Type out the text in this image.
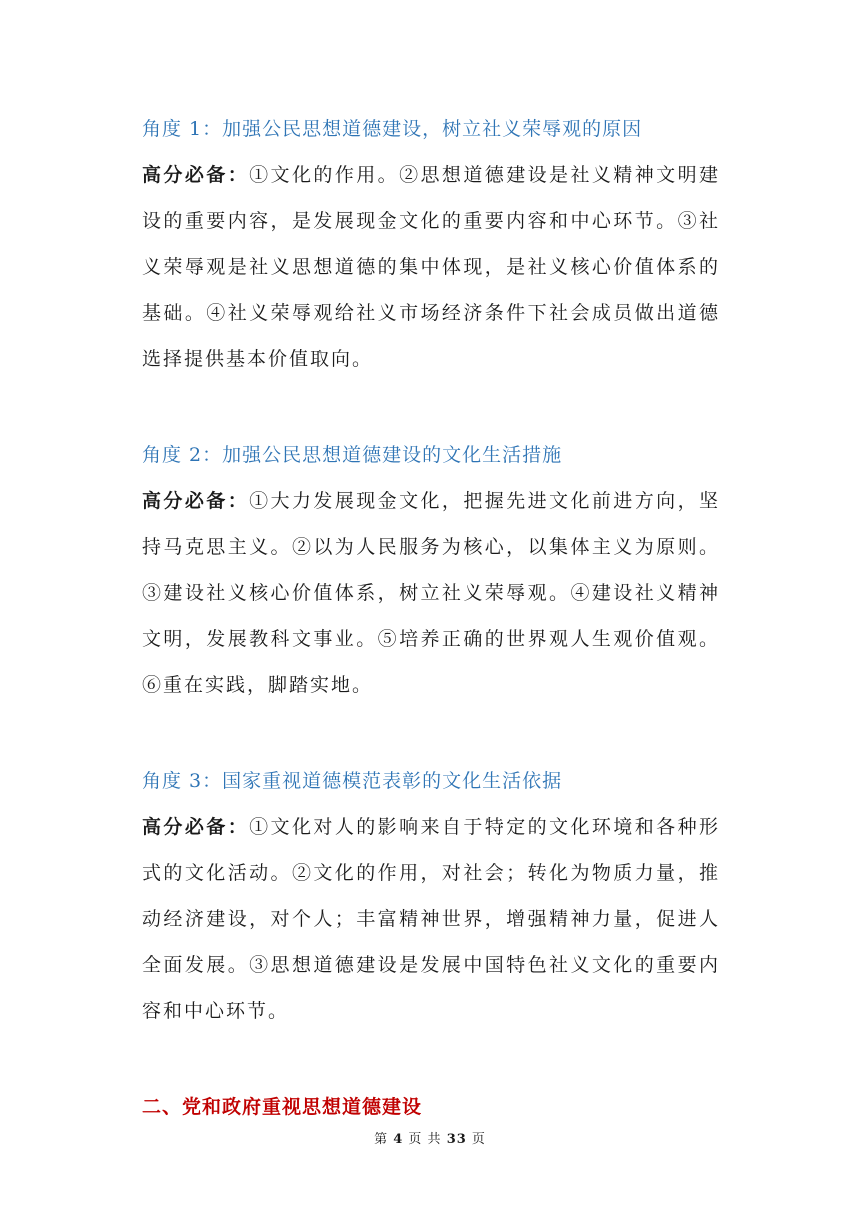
角度 1：加强公民思想道德建设，树立社义荣辱观的原因

高分必备：①文化的作用。②思想道德建设是社义精神文明建设的重要内容，是发展现金文化的重要内容和中心环节。③社义荣辱观是社义思想道德的集中体现，是社义核心价值体系的基础。④社义荣辱观给社义市场经济条件下社会成员做出道德选择提供基本价值取向。

角度 2：加强公民思想道德建设的文化生活措施

高分必备：①大力发展现金文化，把握先进文化前进方向，坚持马克思主义。②以为人民服务为核心，以集体主义为原则。③建设社义核心价值体系，树立社义荣辱观。④建设社义精神文明，发展教科文事业。⑤培养正确的世界观人生观价值观。⑥重在实践，脚踏实地。

角度 3：国家重视道德模范表彰的文化生活依据

高分必备：①文化对人的影响来自于特定的文化环境和各种形式的文化活动。②文化的作用，对社会；转化为物质力量，推动经济建设，对个人；丰富精神世界，增强精神力量，促进人全面发展。③思想道德建设是发展中国特色社义文化的重要内容和中心环节。

二、党和政府重视思想道德建设
第 4 页 共 33 页
